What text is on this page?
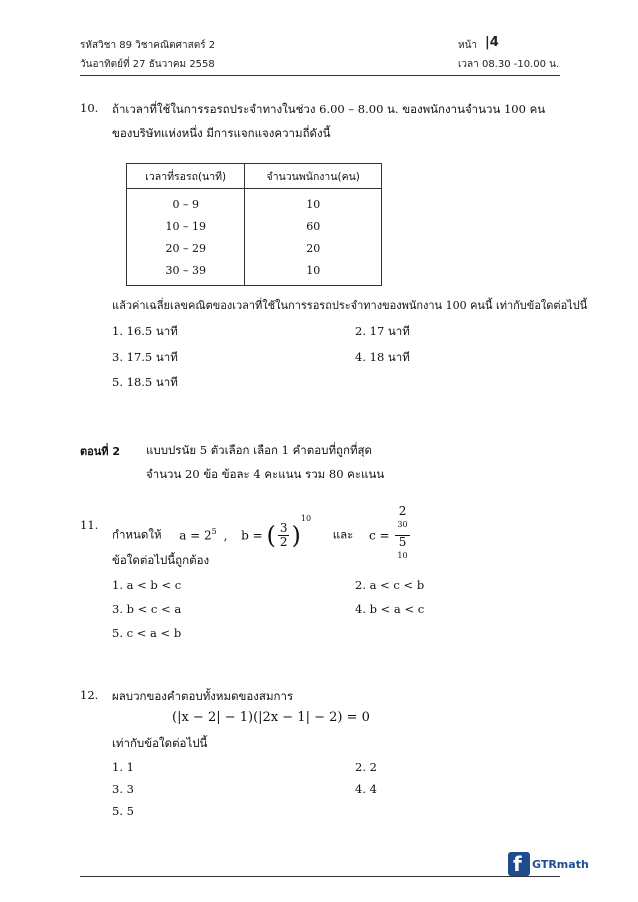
รหัสวิชา 89 วิชาคณิตศาสตร์ 2	หน้า |4
วันอาทิตย์ที่ 27 ธันวาคม 2558	เวลา 08.30 -10.00 น.
10. ถ้าเวลาที่ใช้ในการรอรถประจำทางในช่วง 6.00 – 8.00 น. ของพนักงานจำนวน 100 คน
ของบริษัทแห่งหนึ่ง มีการแจกแจงความถี่ดังนี้
เวลาที่รอรถ(นาที)	จำนวนพนักงาน(คน)
0 – 9	10
10 – 19	60
20 – 29	20
30 – 39	10
แล้วค่าเฉลี่ยเลขคณิตของเวลาที่ใช้ในการรอรถประจำทางของพนักงาน 100 คนนี้ เท่ากับข้อใดต่อไปนี้
1. 16.5 นาที	2. 17 นาที
3. 17.5 นาที	4. 18 นาที
5. 18.5 นาที
ตอนที่ 2 แบบปรนัย 5 ตัวเลือก เลือก 1 คำตอบที่ถูกที่สุด
จำนวน 20 ข้อ ข้อละ 4 คะแนน รวม 80 คะแนน
11.
กำหนดให้ $a = 2^5$ , b = ( $\frac{3}{2} )^{10}$  และ c = 2
$^{30}$
5
$^{10}$
ข้อใดต่อไปนี้ถูกต้อง
1. a < b < c	2. a < c < b
3. b < c < a	4. b < a < c
5. c < a < b
12. ผลบวกของคำตอบทั้งหมดของสมการ
(|x − 2| − 1)(|2x − 1| − 2) = 0
เท่ากับข้อใดต่อไปนี้
1. 1	2. 2
3. 3	4. 4
5. 5
f GTRmath
